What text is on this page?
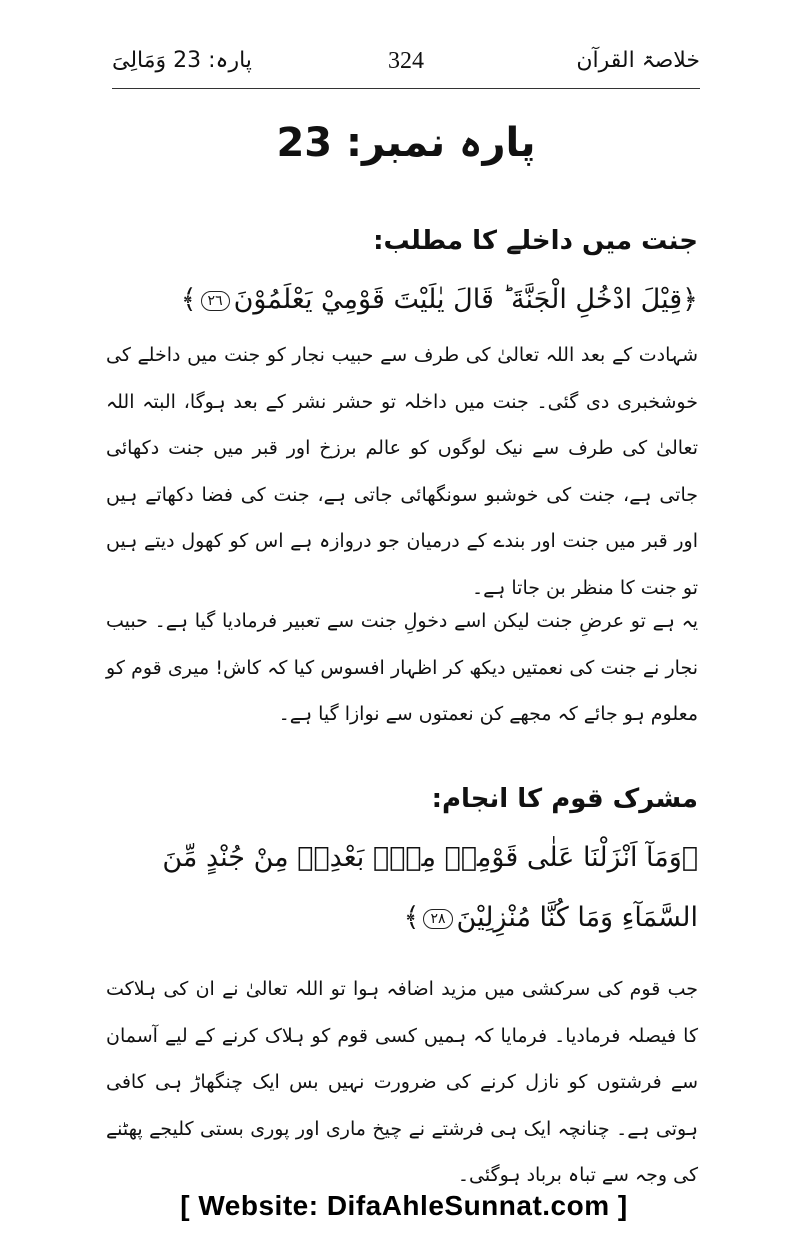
خلاصۃ القرآن
324
پارہ: 23 وَمَالِیَ
پارہ نمبر: 23
جنت میں داخلے کا مطلب:
﴿قِيْلَ ادْخُلِ الْجَنَّةَ ؕ قَالَ يٰلَيْتَ قَوْمِيْ يَعْلَمُوْنَ٢٦﴾
شہادت کے بعد اللہ تعالیٰ کی طرف سے حبیب نجار کو جنت میں داخلے کی خوشخبری دی گئی۔ جنت میں داخلہ تو حشر نشر کے بعد ہوگا، البتہ اللہ تعالیٰ کی طرف سے نیک لوگوں کو عالم برزخ اور قبر میں جنت دکھائی جاتی ہے، جنت کی خوشبو سونگھائی جاتی ہے، جنت کی فضا دکھاتے ہیں اور قبر میں جنت اور بندے کے درمیان جو دروازہ ہے اس کو کھول دیتے ہیں تو جنت کا منظر بن جاتا ہے۔
یہ ہے تو عرضِ جنت لیکن اسے دخولِ جنت سے تعبیر فرمادیا گیا ہے۔ حبیب نجار نے جنت کی نعمتیں دیکھ کر اظہار افسوس کیا کہ کاش! میری قوم کو معلوم ہو جائے کہ مجھے کن نعمتوں سے نوازا گیا ہے۔
مشرک قوم کا انجام:
﴿وَمَآ اَنْزَلْنَا عَلٰى قَوْمِهٖ مِنْۢ بَعْدِهٖ مِنْ جُنْدٍ مِّنَ السَّمَآءِ وَمَا كُنَّا مُنْزِلِيْنَ٢٨﴾
جب قوم کی سرکشی میں مزید اضافہ ہوا تو اللہ تعالیٰ نے ان کی ہلاکت کا فیصلہ فرمادیا۔ فرمایا کہ ہمیں کسی قوم کو ہلاک کرنے کے لیے آسمان سے فرشتوں کو نازل کرنے کی ضرورت نہیں بس ایک چنگھاڑ ہی کافی ہوتی ہے۔ چنانچہ ایک ہی فرشتے نے چیخ ماری اور پوری بستی کلیجے پھٹنے کی وجہ سے تباہ برباد ہوگئی۔
[ Website: DifaAhleSunnat.com ]
